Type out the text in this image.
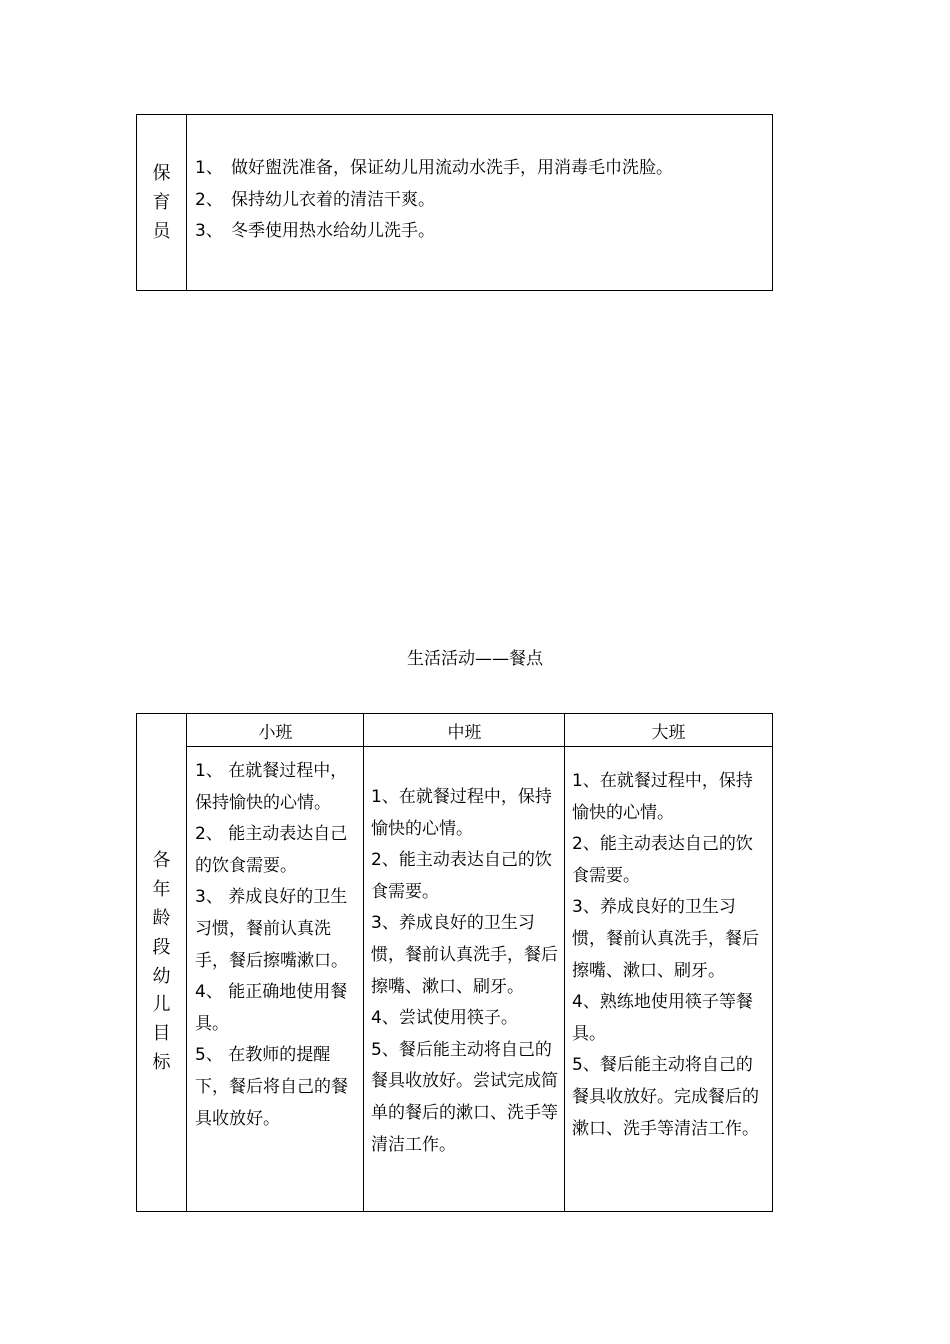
保
育
员
1、 做好盥洗准备，保证幼儿用流动水洗手，用消毒毛巾洗脸。
2、 保持幼儿衣着的清洁干爽。
3、 冬季使用热水给幼儿洗手。
生活活动——餐点
各
年
龄
段
幼
儿
目
标
小班	中班	大班
1、 在就餐过程中，保持愉快的心情。
2、 能主动表达自己的饮食需要。
3、 养成良好的卫生习惯，餐前认真洗手，餐后擦嘴漱口。
4、 能正确地使用餐具。
5、 在教师的提醒下，餐后将自己的餐具收放好。
1、在就餐过程中，保持愉快的心情。
2、能主动表达自己的饮食需要。
3、养成良好的卫生习惯，餐前认真洗手，餐后擦嘴、漱口、刷牙。
4、尝试使用筷子。
5、餐后能主动将自己的餐具收放好。尝试完成简单的餐后的漱口、洗手等清洁工作。
1、在就餐过程中，保持愉快的心情。
2、能主动表达自己的饮食需要。
3、养成良好的卫生习惯，餐前认真洗手，餐后擦嘴、漱口、刷牙。
4、熟练地使用筷子等餐具。
5、餐后能主动将自己的餐具收放好。完成餐后的漱口、洗手等清洁工作。
